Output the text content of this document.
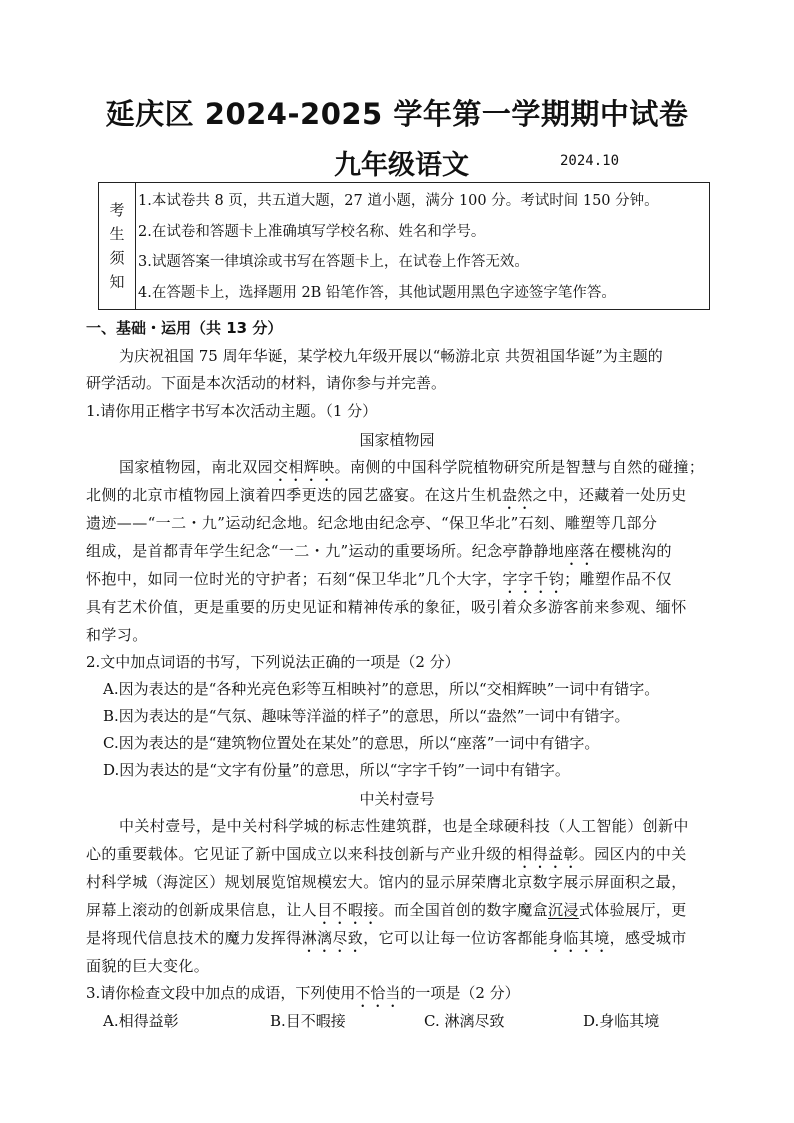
延庆区 2024-2025 学年第一学期期中试卷
九年级语文	2024.10
考
生
须
知
1.本试卷共 8 页，共五道大题，27 道小题，满分 100 分。考试时间 150 分钟。
2.在试卷和答题卡上准确填写学校名称、姓名和学号。
3.试题答案一律填涂或书写在答题卡上，在试卷上作答无效。
4.在答题卡上，选择题用 2B 铅笔作答，其他试题用黑色字迹签字笔作答。
一、基础・运用（共 13 分）
为庆祝祖国 75 周年华诞，某学校九年级开展以“畅游北京 共贺祖国华诞”为主题的
研学活动。下面是本次活动的材料，请你参与并完善。
1.请你用正楷字书写本次活动主题。（1 分）
国家植物园
国家植物园，南北双园交相辉映。南侧的中国科学院植物研究所是智慧与自然的碰撞；
北侧的北京市植物园上演着四季更迭的园艺盛宴。在这片生机盎然之中，还藏着一处历史
遗迹——“一二・九”运动纪念地。纪念地由纪念亭、“保卫华北”石刻、雕塑等几部分
组成，是首都青年学生纪念“一二・九”运动的重要场所。纪念亭静静地座落在樱桃沟的
怀抱中，如同一位时光的守护者；石刻“保卫华北”几个大字，字字千钧；雕塑作品不仅
具有艺术价值，更是重要的历史见证和精神传承的象征，吸引着众多游客前来参观、缅怀
和学习。
2.文中加点词语的书写，下列说法正确的一项是（2 分）
A.因为表达的是“各种光亮色彩等互相映衬”的意思，所以“交相辉映”一词中有错字。
B.因为表达的是“气氛、趣味等洋溢的样子”的意思，所以“盎然”一词中有错字。
C.因为表达的是“建筑物位置处在某处”的意思，所以“座落”一词中有错字。
D.因为表达的是“文字有份量”的意思，所以“字字千钧”一词中有错字。
中关村壹号
中关村壹号，是中关村科学城的标志性建筑群，也是全球硬科技（人工智能）创新中
心的重要载体。它见证了新中国成立以来科技创新与产业升级的相得益彰。园区内的中关
村科学城（海淀区）规划展览馆规模宏大。馆内的显示屏荣膺北京数字展示屏面积之最，
屏幕上滚动的创新成果信息，让人目不暇接。而全国首创的数字魔盒沉浸式体验展厅，更
是将现代信息技术的魔力发挥得淋漓尽致，它可以让每一位访客都能身临其境，感受城市
面貌的巨大变化。
3.请你检查文段中加点的成语，下列使用不恰当的一项是（2 分）
A.相得益彰	B.目不暇接	C. 淋漓尽致	D.身临其境
